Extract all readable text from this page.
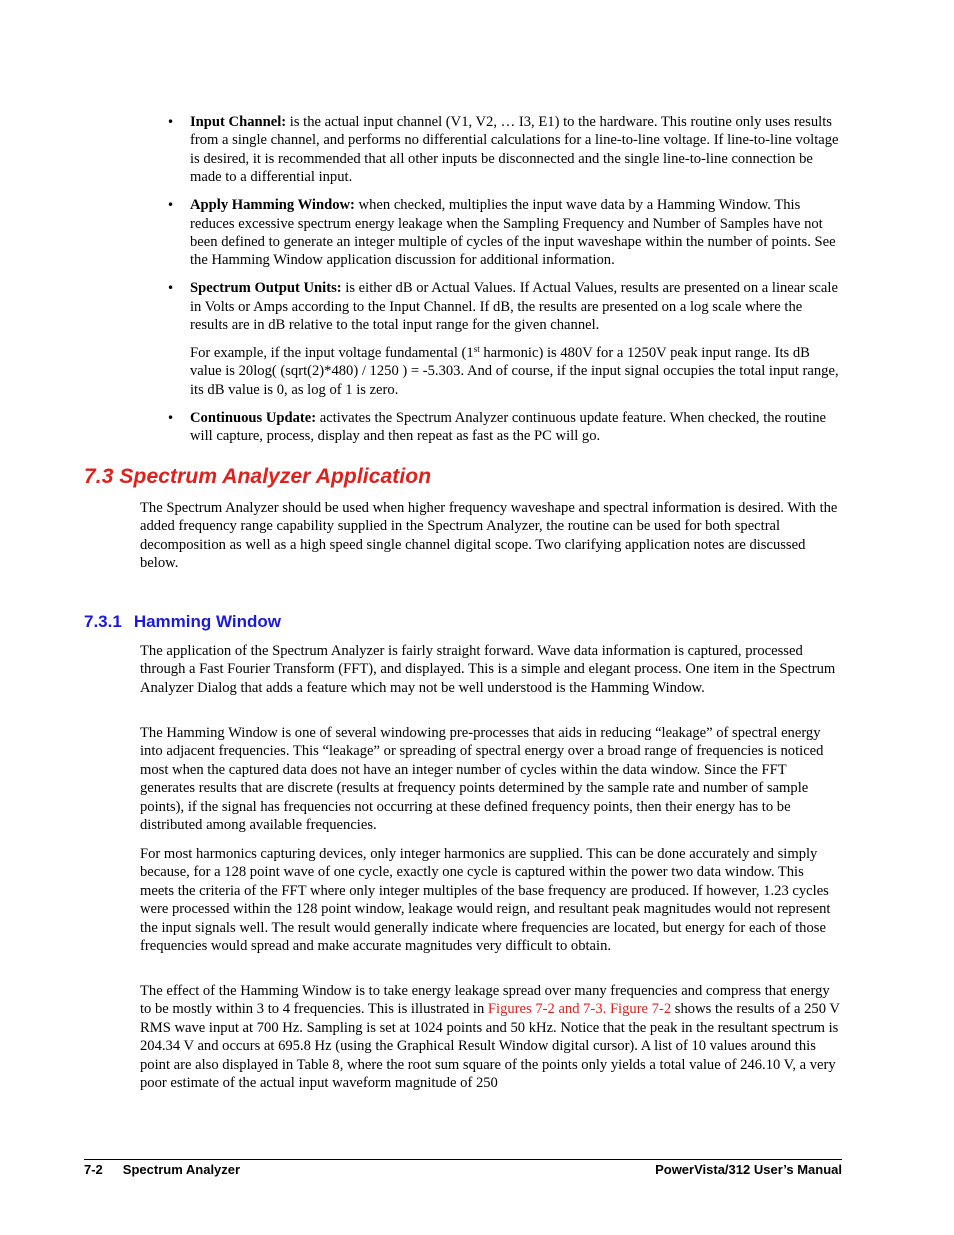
• Input Channel: is the actual input channel (V1, V2, … I3, E1) to the hardware. This routine only uses results from a single channel, and performs no differential calculations for a line-to-line voltage. If line-to-line voltage is desired, it is recommended that all other inputs be disconnected and the single line-to-line connection be made to a differential input.

• Apply Hamming Window: when checked, multiplies the input wave data by a Hamming Window. This reduces excessive spectrum energy leakage when the Sampling Frequency and Number of Samples have not been defined to generate an integer multiple of cycles of the input waveshape within the number of points. See the Hamming Window application discussion for additional information.

• Spectrum Output Units: is either dB or Actual Values. If Actual Values, results are presented on a linear scale in Volts or Amps according to the Input Channel. If dB, the results are presented on a log scale where the results are in dB relative to the total input range for the given channel.

For example, if the input voltage fundamental (1st harmonic) is 480V for a 1250V peak input range. Its dB value is 20log( (sqrt(2)*480) / 1250 ) = -5.303. And of course, if the input signal occupies the total input range, its dB value is 0, as log of 1 is zero.

• Continuous Update: activates the Spectrum Analyzer continuous update feature. When checked, the routine will capture, process, display and then repeat as fast as the PC will go.

7.3 Spectrum Analyzer Application

The Spectrum Analyzer should be used when higher frequency waveshape and spectral information is desired. With the added frequency range capability supplied in the Spectrum Analyzer, the routine can be used for both spectral decomposition as well as a high speed single channel digital scope. Two clarifying application notes are discussed below.

7.3.1 Hamming Window

The application of the Spectrum Analyzer is fairly straight forward. Wave data information is captured, processed through a Fast Fourier Transform (FFT), and displayed. This is a simple and elegant process. One item in the Spectrum Analyzer Dialog that adds a feature which may not be well understood is the Hamming Window.

The Hamming Window is one of several windowing pre-processes that aids in reducing “leakage” of spectral energy into adjacent frequencies. This “leakage” or spreading of spectral energy over a broad range of frequencies is noticed most when the captured data does not have an integer number of cycles within the data window. Since the FFT generates results that are discrete (results at frequency points determined by the sample rate and number of sample points), if the signal has frequencies not occurring at these defined frequency points, then their energy has to be distributed among available frequencies.

For most harmonics capturing devices, only integer harmonics are supplied. This can be done accurately and simply because, for a 128 point wave of one cycle, exactly one cycle is captured within the power two data window. This meets the criteria of the FFT where only integer multiples of the base frequency are produced. If however, 1.23 cycles were processed within the 128 point window, leakage would reign, and resultant peak magnitudes would not represent the input signals well. The result would generally indicate where frequencies are located, but energy for each of those frequencies would spread and make accurate magnitudes very difficult to obtain.

The effect of the Hamming Window is to take energy leakage spread over many frequencies and compress that energy to be mostly within 3 to 4 frequencies. This is illustrated in Figures 7-2 and 7-3. Figure 7-2 shows the results of a 250 V RMS wave input at 700 Hz. Sampling is set at 1024 points and 50 kHz. Notice that the peak in the resultant spectrum is 204.34 V and occurs at 695.8 Hz (using the Graphical Result Window digital cursor). A list of 10 values around this point are also displayed in Table 8, where the root sum square of the points only yields a total value of 246.10 V, a very poor estimate of the actual input waveform magnitude of 250

7-2 Spectrum Analyzer	PowerVista/312 User’s Manual
